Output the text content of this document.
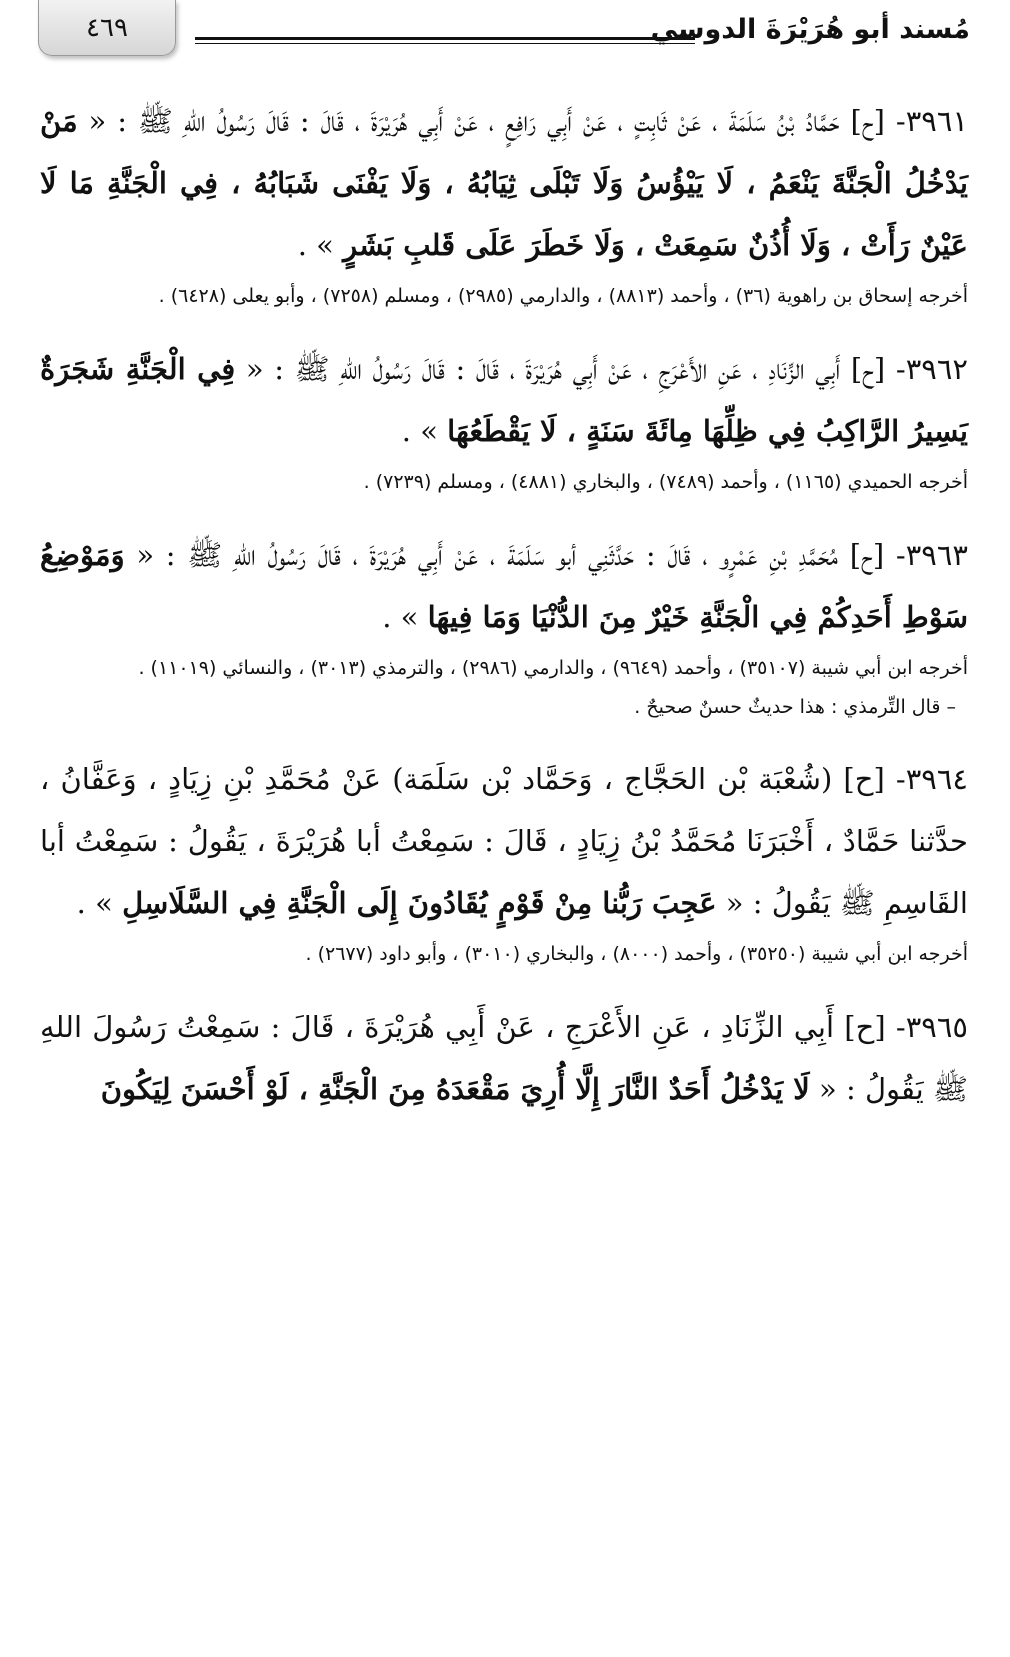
مُسند أبو هُرَيْرَةَ الدوسي
٤٦٩

٣٩٦١- [ح] حَمَّادُ بْنُ سَلَمَةَ ، عَنْ ثَابِتٍ ، عَنْ أَبِي رَافِعٍ ، عَنْ أَبِي هُرَيْرَةَ ، قَالَ : قَالَ رَسُولُ اللهِ ﷺ : « مَنْ يَدْخُلُ الْجَنَّةَ يَنْعَمُ ، لَا يَيْؤُسُ وَلَا تَبْلَى ثِيَابُهُ ، وَلَا يَفْنَى شَبَابُهُ ، فِي الْجَنَّةِ مَا لَا عَيْنٌ رَأَتْ ، وَلَا أُذُنٌ سَمِعَتْ ، وَلَا خَطَرَ عَلَى قَلبِ بَشَرٍ » .

أخرجه إسحاق بن راهوية (٣٦) ، وأحمد (٨٨١٣) ، والدارمي (٢٩٨٥) ، ومسلم (٧٢٥٨) ، وأبو يعلى (٦٤٢٨) .

٣٩٦٢- [ح] أَبِي الزِّنَادِ ، عَنِ الأَعْرَجِ ، عَنْ أَبِي هُرَيْرَةَ ، قَالَ : قَالَ رَسُولُ اللهِ ﷺ : « فِي الْجَنَّةِ شَجَرَةٌ يَسِيرُ الرَّاكِبُ فِي ظِلِّهَا مِائَةَ سَنَةٍ ، لَا يَقْطَعُهَا » .

أخرجه الحميدي (١١٦٥) ، وأحمد (٧٤٨٩) ، والبخاري (٤٨٨١) ، ومسلم (٧٢٣٩) .

٣٩٦٣- [ح] مُحَمَّدِ بْنِ عَمْرٍو ، قَالَ : حَدَّثَنِي أبو سَلَمَةَ ، عَنْ أَبِي هُرَيْرَةَ ، قَالَ رَسُولُ اللهِ ﷺ : « وَمَوْضِعُ سَوْطِ أَحَدِكُمْ فِي الْجَنَّةِ خَيْرٌ مِنَ الدُّنْيَا وَمَا فِيهَا » .

أخرجه ابن أبي شيبة (٣٥١٠٧) ، وأحمد (٩٦٤٩) ، والدارمي (٢٩٨٦) ، والترمذي (٣٠١٣) ، والنسائي (١١٠١٩) .

– قال التِّرمذي : هذا حديثٌ حسنٌ صحيحٌ .

٣٩٦٤- [ح] (شُعْبَة بْن الحَجَّاج ، وَحَمَّاد بْن سَلَمَة) عَنْ مُحَمَّدِ بْنِ زِيَادٍ ، وَعَفَّانُ ، حدَّثنا حَمَّادٌ ، أَخْبَرَنَا مُحَمَّدُ بْنُ زِيَادٍ ، قَالَ : سَمِعْتُ أبا هُرَيْرَةَ ، يَقُولُ : سَمِعْتُ أبا القَاسِمِ ﷺ يَقُولُ : « عَجِبَ رَبُّنا مِنْ قَوْمٍ يُقَادُونَ إِلَى الْجَنَّةِ فِي السَّلَاسِلِ » .

أخرجه ابن أبي شيبة (٣٥٢٥٠) ، وأحمد (٨٠٠٠) ، والبخاري (٣٠١٠) ، وأبو داود (٢٦٧٧) .

٣٩٦٥- [ح] أَبِي الزِّنَادِ ، عَنِ الأَعْرَجِ ، عَنْ أَبِي هُرَيْرَةَ ، قَالَ : سَمِعْتُ رَسُولَ اللهِ ﷺ يَقُولُ : « لَا يَدْخُلُ أَحَدٌ النَّارَ إِلَّا أُرِيَ مَقْعَدَهُ مِنَ الْجَنَّةِ ، لَوْ أَحْسَنَ لِيَكُونَ
